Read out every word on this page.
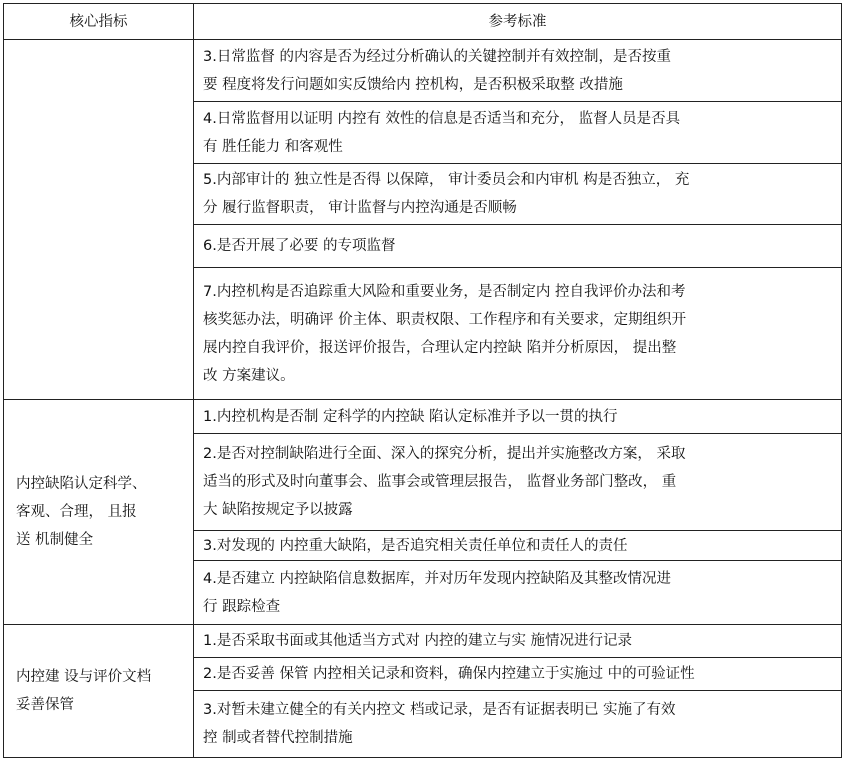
核心指标	参考标准

	3.日常监督 的内容是否为经过分析确认的关键控制并有效控制，是否按重
要 程度将发行问题如实反馈给内 控机构，是否积极采取整 改措施

	4.日常监督用以证明 内控有 效性的信息是否适当和充分， 监督人员是否具
有 胜任能力 和客观性

	5.内部审计的 独立性是否得 以保障， 审计委员会和内审机 构是否独立， 充
分 履行监督职责， 审计监督与内控沟通是否顺畅

	6.是否开展了必要 的专项监督

	7.内控机构是否追踪重大风险和重要业务，是否制定内 控自我评价办法和考
核奖惩办法，明确评 价主体、职责权限、工作程序和有关要求，定期组织开
展内控自我评价，报送评价报告，合理认定内控缺 陷并分析原因， 提出整
改 方案建议。

内控缺陷认定科学、
客观、合理， 且报
送 机制健全	1.内控机构是否制 定科学的内控缺 陷认定标准并予以一贯的执行

	2.是否对控制缺陷进行全面、深入的探究分析，提出并实施整改方案， 采取
适当的形式及时向董事会、监事会或管理层报告， 监督业务部门整改， 重
大 缺陷按规定予以披露

	3.对发现的 内控重大缺陷，是否追究相关责任单位和责任人的责任

	4.是否建立 内控缺陷信息数据库，并对历年发现内控缺陷及其整改情况进
行 跟踪检查

内控建 设与评价文档
妥善保管	1.是否采取书面或其他适当方式对 内控的建立与实 施情况进行记录

	2.是否妥善 保管 内控相关记录和资料，确保内控建立于实施过 中的可验证性

	3.对暂未建立健全的有关内控文 档或记录，是否有证据表明已 实施了有效
控 制或者替代控制措施
